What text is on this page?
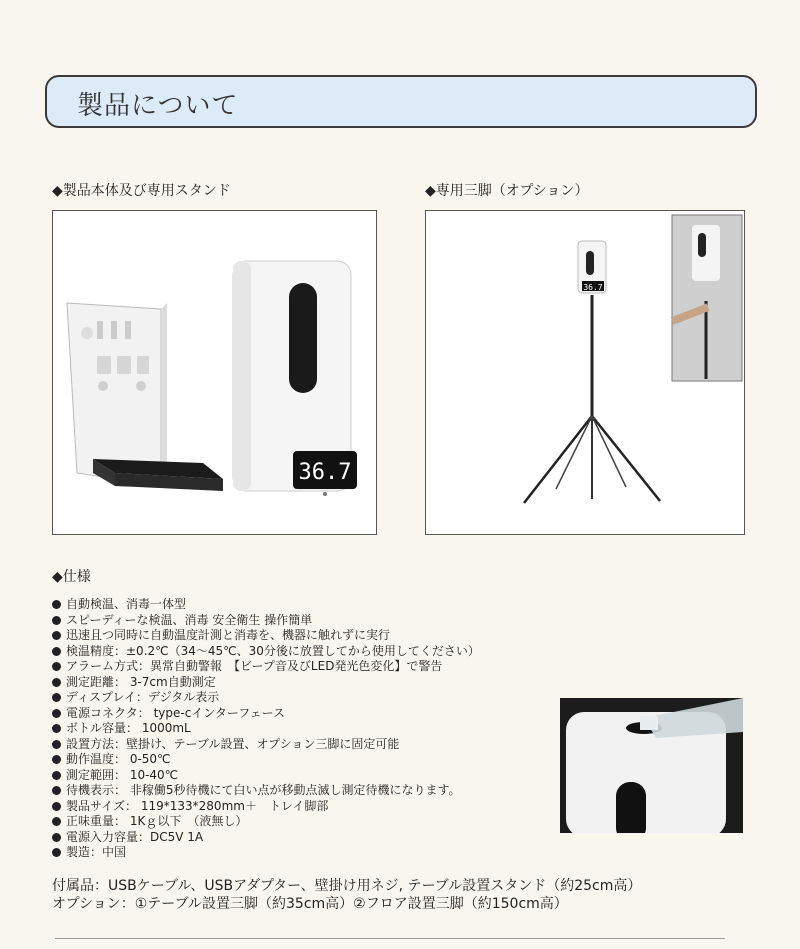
製品について
◆製品本体及び専用スタンド	◆専用三脚（オプション）
36.7
36.7
◆仕様
自動検温、消毒一体型
スピーディーな検温、消毒 安全衛生 操作簡単
迅速且つ同時に自動温度計測と消毒を、機器に触れずに実行
検温精度：±0.2℃（34～45℃、30分後に放置してから使用してください）
アラーム方式：異常自動警報　【ビープ音及びLED発光色変化】で警告
測定距離： 3-7cm自動測定
ディスプレイ：デジタル表示
電源コネクタ： type-cインターフェース
ボトル容量： 1000mL
設置方法：壁掛け、テーブル設置、オプション三脚に固定可能
動作温度： 0-50℃
測定範囲： 10-40℃
待機表示： 非稼働5秒待機にて白い点が移動点滅し測定待機になります。
製品サイズ： 119*133*280mm＋　トレイ脚部
正味重量： 1Kｇ以下　（液無し）
電源入力容量：DC5V 1A
製造：中国
付属品：USBケーブル、USBアダプター、壁掛け用ネジ, テーブル設置スタンド（約25cm高）
オプション：①テーブル設置三脚（約35cm高）②フロア設置三脚（約150cm高）
